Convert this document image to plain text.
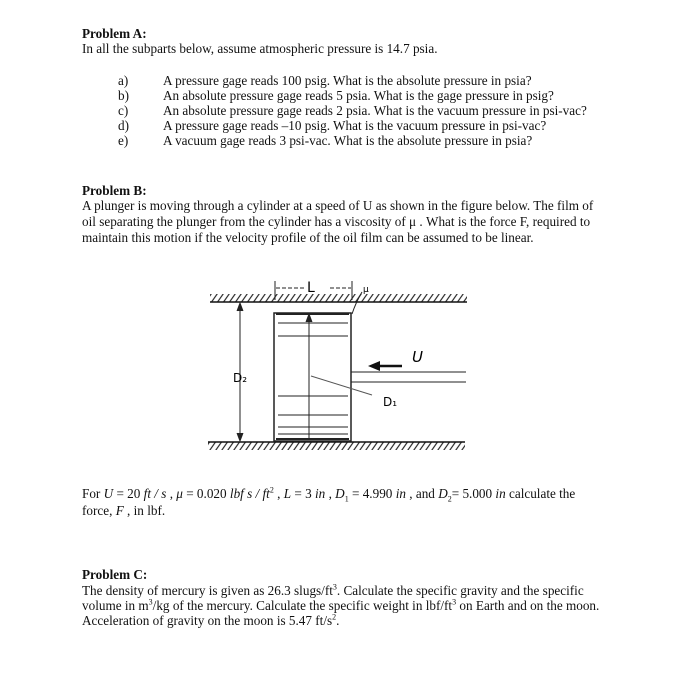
Problem A:
In all the subparts below, assume atmospheric pressure is 14.7 psia.
a)	A pressure gage reads 100 psig. What is the absolute pressure in psia?
b)	An absolute pressure gage reads 5 psia. What is the gage pressure in psig?
c)	An absolute pressure gage reads 2 psia. What is the vacuum pressure in psi-vac?
d)	A pressure gage reads –10 psig. What is the vacuum pressure in psi-vac?
e)	A vacuum gage reads 3 psi-vac. What is the absolute pressure in psia?
Problem B:
A plunger is moving through a cylinder at a speed of U as shown in the figure below. The film of
oil separating the plunger from the cylinder has a viscosity of μ . What is the force F, required to
maintain this motion if the velocity profile of the oil film can be assumed to be linear.
L	μ
U
D₂
D₁
For U = 20 ft / s , μ = 0.020 lbf s / $ft^2$ , L = 3 in , $D_1 = 4.990$ in , and $D_2= 5.000$ in calculate the
force, F , in lbf.
Problem C:
The density of mercury is given as 26.3 slugs/$ft^3$. Calculate the specific gravity and the specific
volume in $m^3/kg$ of the mercury. Calculate the specific weight in lbf/$ft^3$ on Earth and on the moon.
Acceleration of gravity on the moon is 5.47 $ft/s^2$.
